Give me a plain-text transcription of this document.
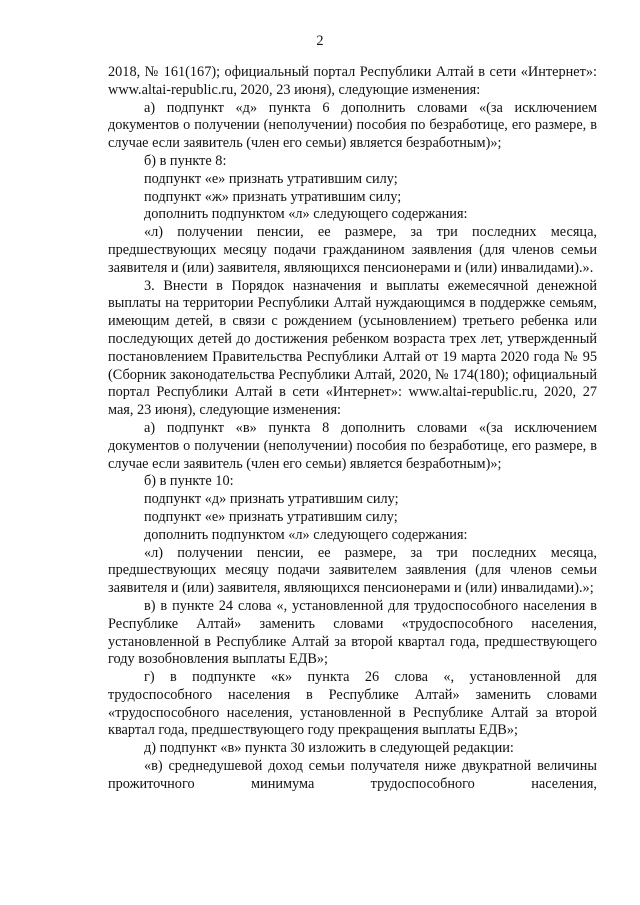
2

2018, № 161(167); официальный портал Республики Алтай в сети «Интернет»: www.altai-republic.ru, 2020, 23 июня), следующие изменения:

а) подпункт «д» пункта 6 дополнить словами «(за исключением документов о получении (неполучении) пособия по безработице, его размере, в случае если заявитель (член его семьи) является безработным)»;

б) в пункте 8:

подпункт «е» признать утратившим силу;

подпункт «ж» признать утратившим силу;

дополнить подпунктом «л» следующего содержания:

«л) получении пенсии, ее размере, за три последних месяца, предшествующих месяцу подачи гражданином заявления (для членов семьи заявителя и (или) заявителя, являющихся пенсионерами и (или) инвалидами).».

3. Внести в Порядок назначения и выплаты ежемесячной денежной выплаты на территории Республики Алтай нуждающимся в поддержке семьям, имеющим детей, в связи с рождением (усыновлением) третьего ребенка или последующих детей до достижения ребенком возраста трех лет, утвержденный постановлением Правительства Республики Алтай от 19 марта 2020 года № 95 (Сборник законодательства Республики Алтай, 2020, № 174(180); официальный портал Республики Алтай в сети «Интернет»: www.altai-republic.ru, 2020, 27 мая, 23 июня), следующие изменения:

а) подпункт «в» пункта 8 дополнить словами «(за исключением документов о получении (неполучении) пособия по безработице, его размере, в случае если заявитель (член его семьи) является безработным)»;

б) в пункте 10:

подпункт «д» признать утратившим силу;

подпункт «е» признать утратившим силу;

дополнить подпунктом «л» следующего содержания:

«л) получении пенсии, ее размере, за три последних месяца, предшествующих месяцу подачи заявителем заявления (для членов семьи заявителя и (или) заявителя, являющихся пенсионерами и (или) инвалидами).»;

в) в пункте 24 слова «, установленной для трудоспособного населения в Республике Алтай» заменить словами «трудоспособного населения, установленной в Республике Алтай за второй квартал года, предшествующего году возобновления выплаты ЕДВ»;

г) в подпункте «к» пункта 26 слова «, установленной для трудоспособного населения в Республике Алтай» заменить словами «трудоспособного населения, установленной в Республике Алтай за второй квартал года, предшествующего году прекращения выплаты ЕДВ»;

д) подпункт «в» пункта 30 изложить в следующей редакции:

«в) среднедушевой доход семьи получателя ниже двукратной величины прожиточного минимума трудоспособного населения,
